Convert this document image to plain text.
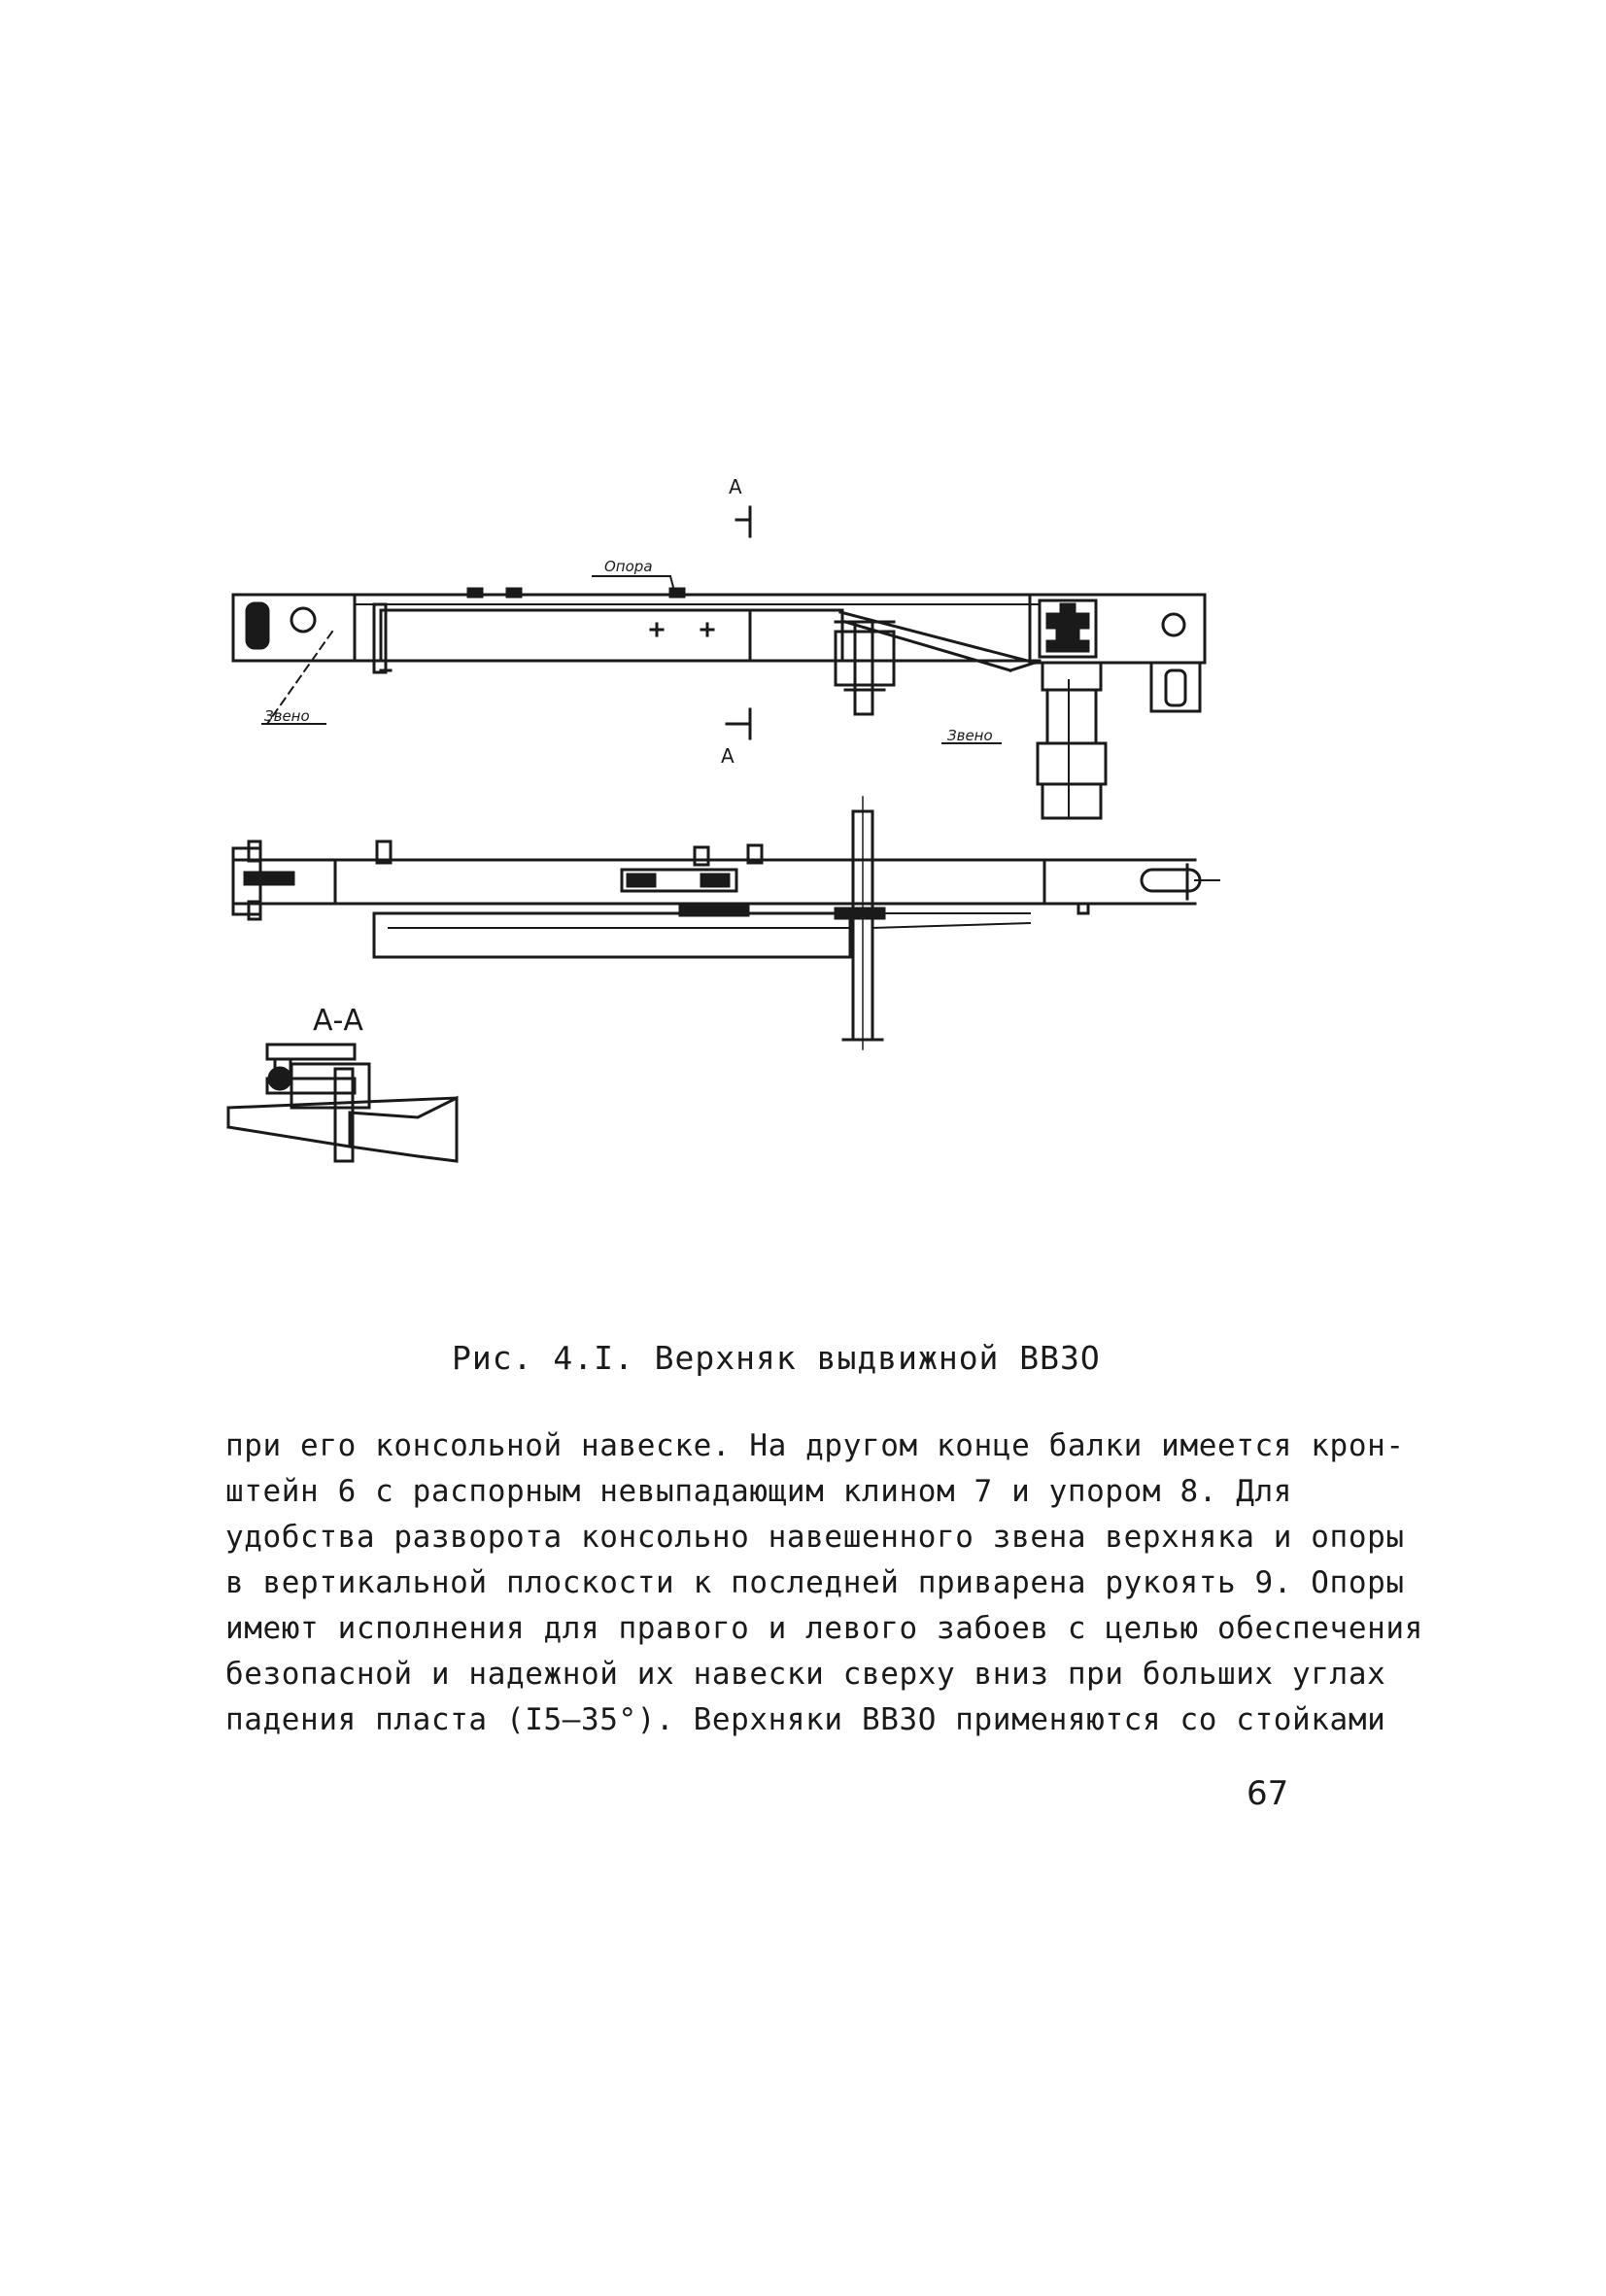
A
A
Опора
Звено
Звено
А-А
Рис. 4.I. Верхняк выдвижной ВВЗО
при его консольной навеске. На другом конце балки имеется крон-
штейн 6 с распорным невыпадающим клином 7 и упором 8. Для
удобства разворота консольно навешенного звена верхняка и опоры
в вертикальной плоскости к последней приварена рукоять 9. Опоры
имеют исполнения для правого и левого забоев с целью обеспечения
безопасной и надежной их навески сверху вниз при больших углах
падения пласта (I5–35°). Верхняки ВВЗО применяются со стойками
67
